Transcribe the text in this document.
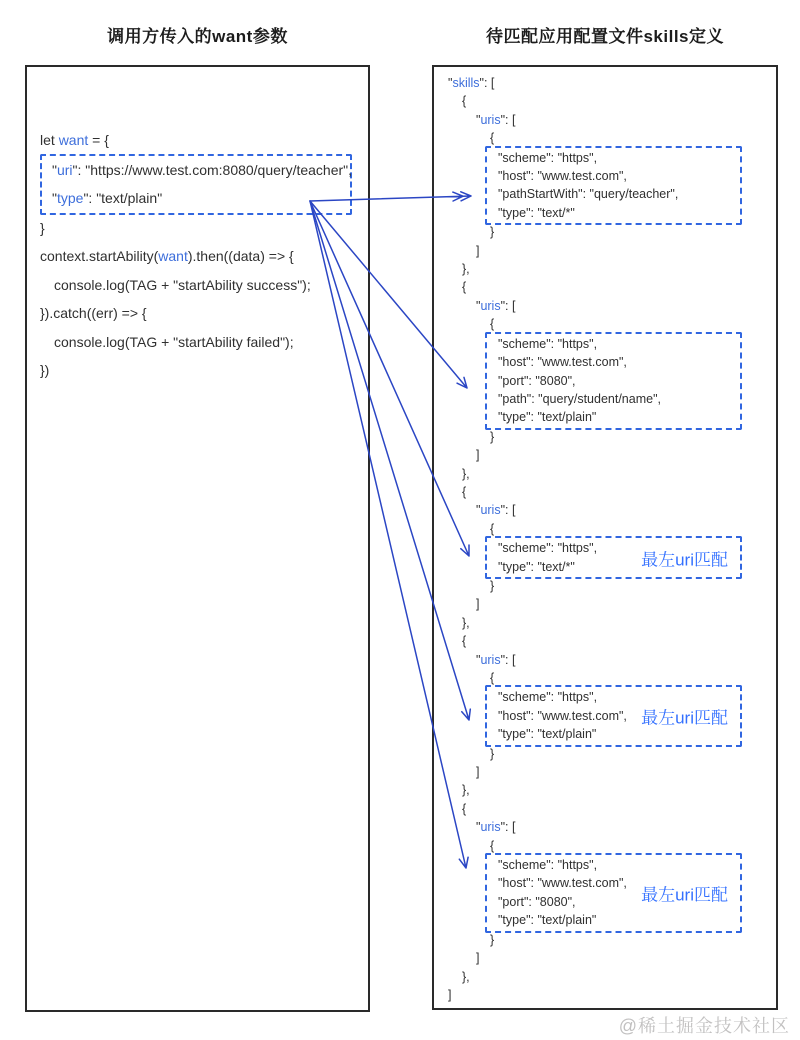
调用方传入的want参数	待匹配应用配置文件skills定义
let want = {
"uri": "https://www.test.com:8080/query/teacher",
"type": "text/plain"
}
context.startAbility(want).then((data) => {
console.log(TAG + "startAbility success");
}).catch((err) => {
console.log(TAG + "startAbility failed");
})
"skills": [
{
"uris": [
{
"scheme": "https",
"host": "www.test.com",
"pathStartWith": "query/teacher",
"type": "text/*"
}
]
},
{
"uris": [
{
"scheme": "https",
"host": "www.test.com",
"port": "8080",
"path": "query/student/name",
"type": "text/plain"
}
]
},
{
"uris": [
{
"scheme": "https",
"type": "text/*"	最左uri匹配
}
]
},
{
"uris": [
{
"scheme": "https",
"host": "www.test.com",
"type": "text/plain"
最左uri匹配
}
]
},
{
"uris": [
{
"scheme": "https",
"host": "www.test.com",
"port": "8080",
"type": "text/plain"
最左uri匹配
}
]
},
]
@稀土掘金技术社区
